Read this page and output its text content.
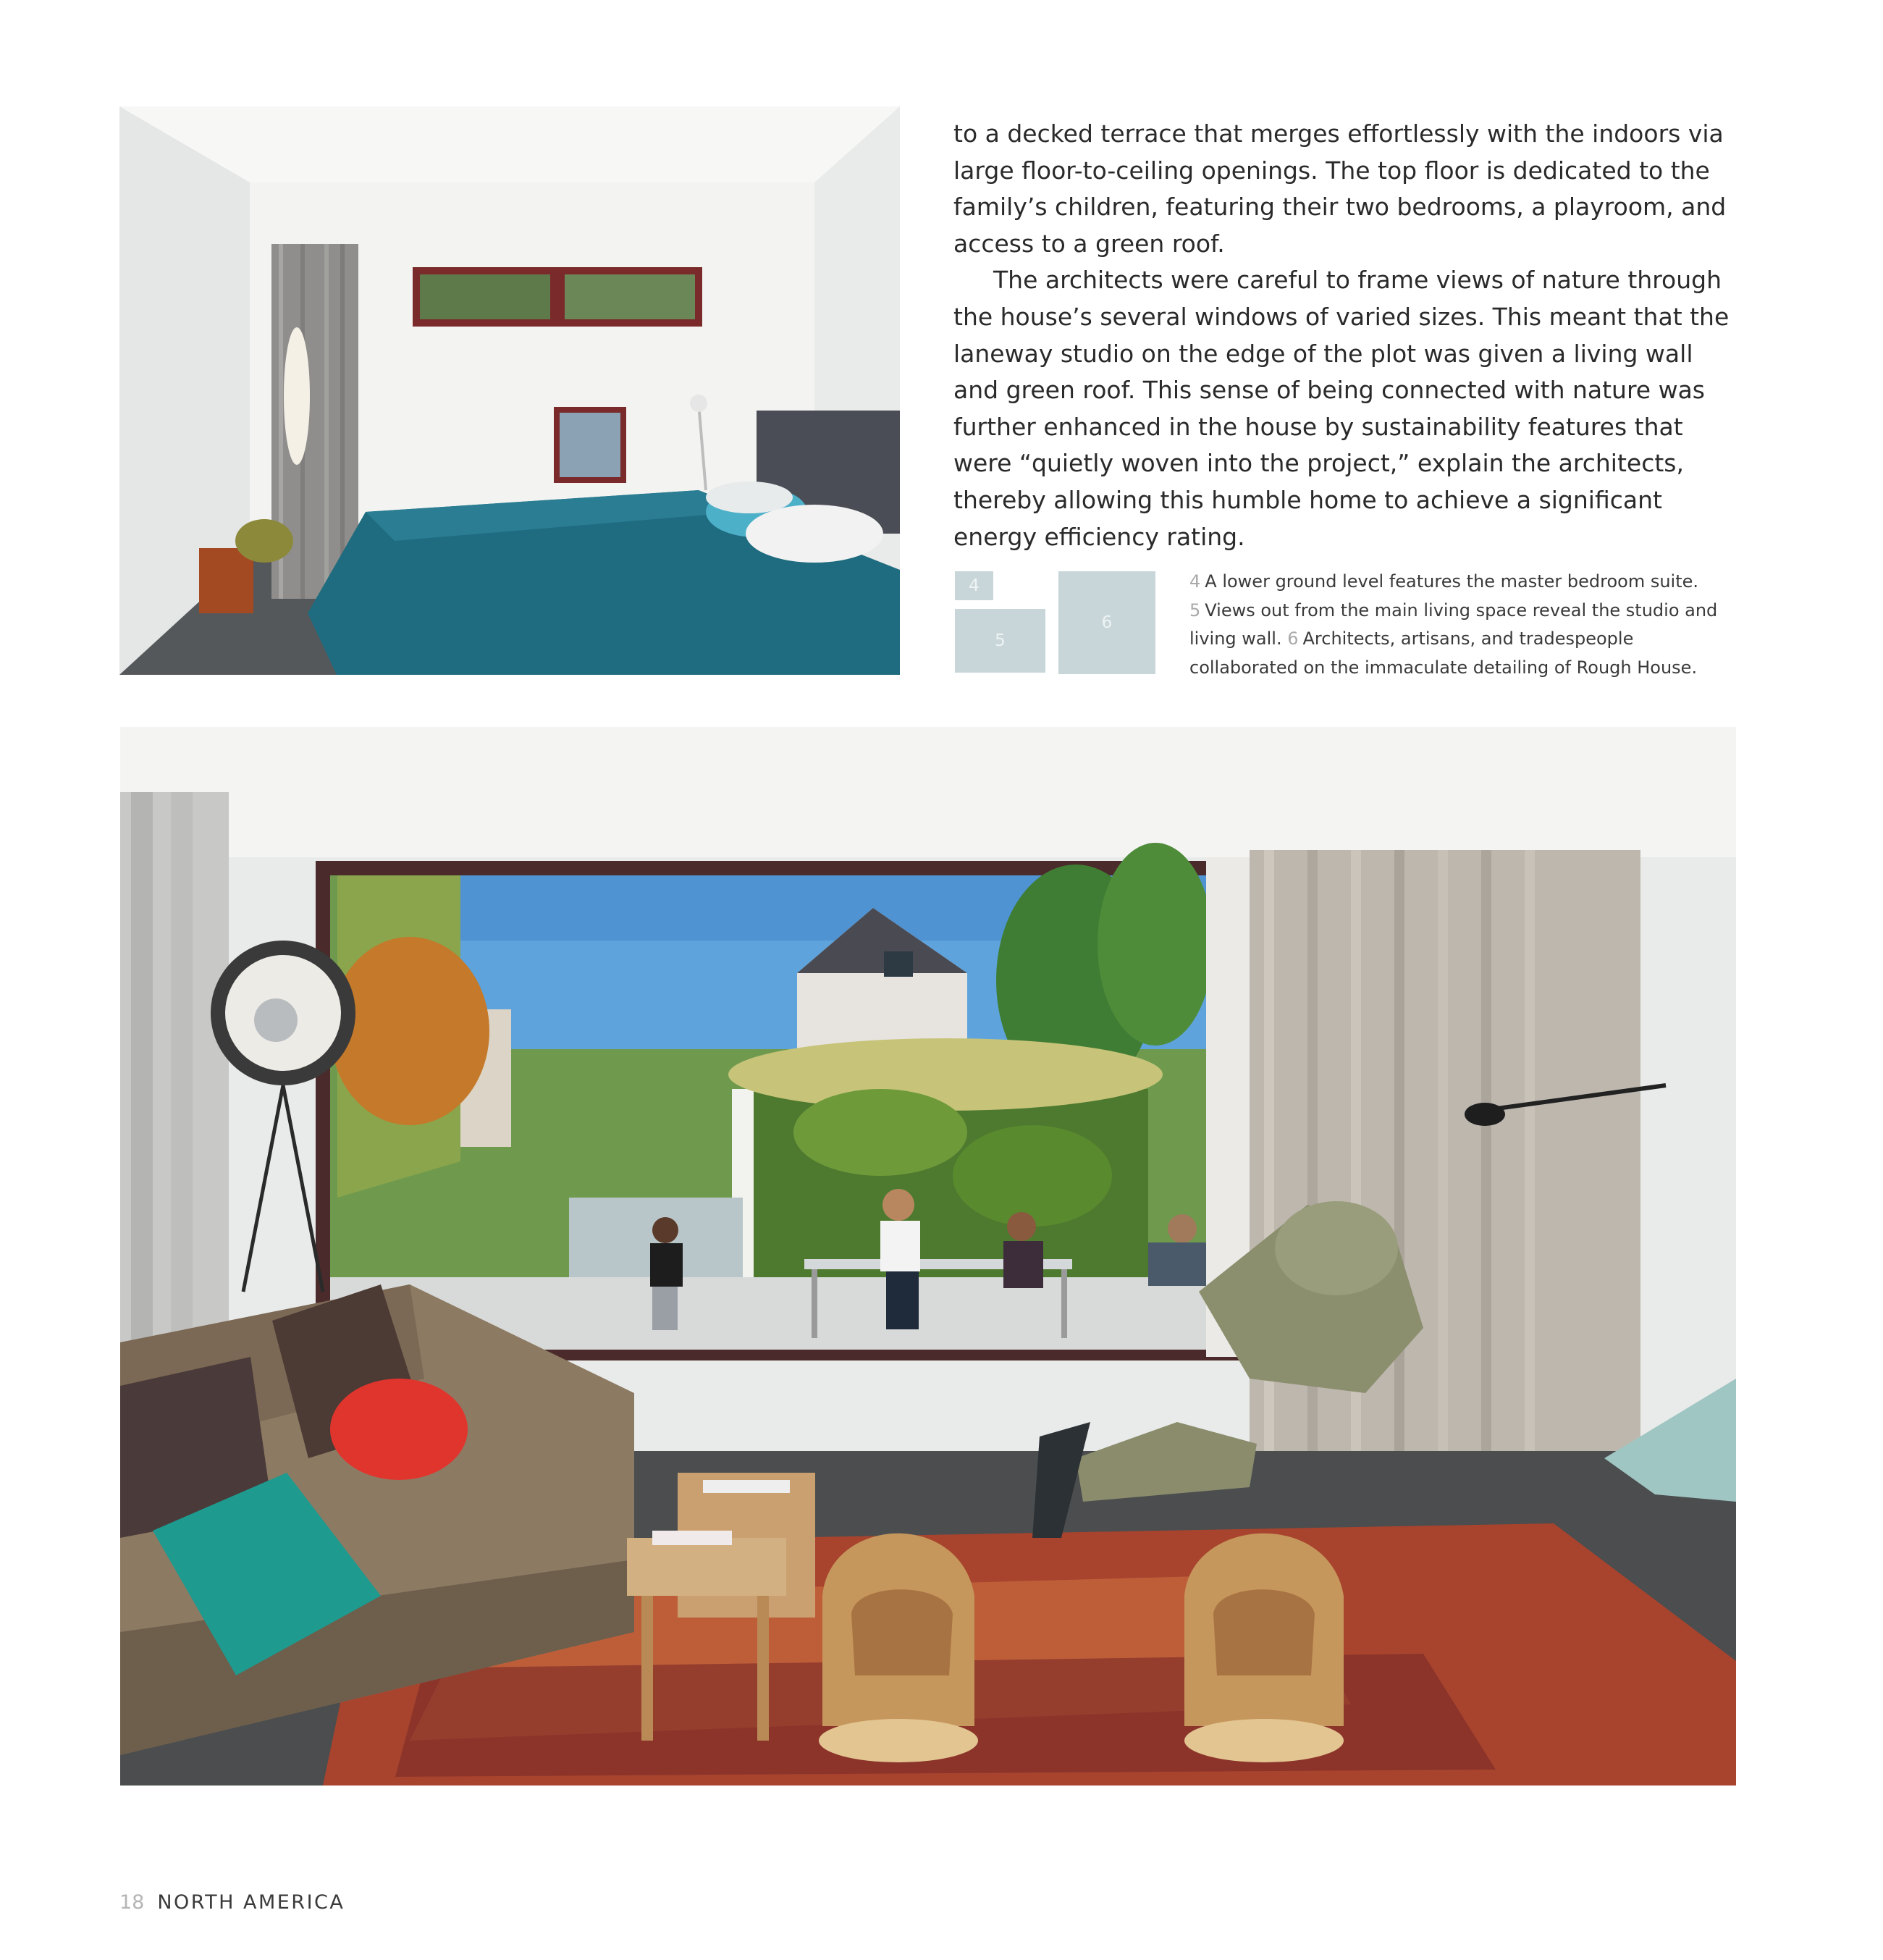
to a decked terrace that merges effortlessly with the indoors via large floor-to-ceiling openings. The top floor is dedicated to the family’s children, featuring their two bedrooms, a playroom, and access to a green roof.

The architects were careful to frame views of nature through the house’s several windows of varied sizes. This meant that the laneway studio on the edge of the plot was given a living wall and green roof. This sense of being connected with nature was further enhanced in the house by sustainability features that were “quietly woven into the project,” explain the architects, thereby allowing this humble home to achieve a significant energy efficiency rating.

4
5
6
4 A lower ground level features the master bedroom suite. 5 Views out from the main living space reveal the studio and living wall. 6 Architects, artisans, and tradespeople collaborated on the immaculate detailing of Rough House.
18 NORTH AMERICA
